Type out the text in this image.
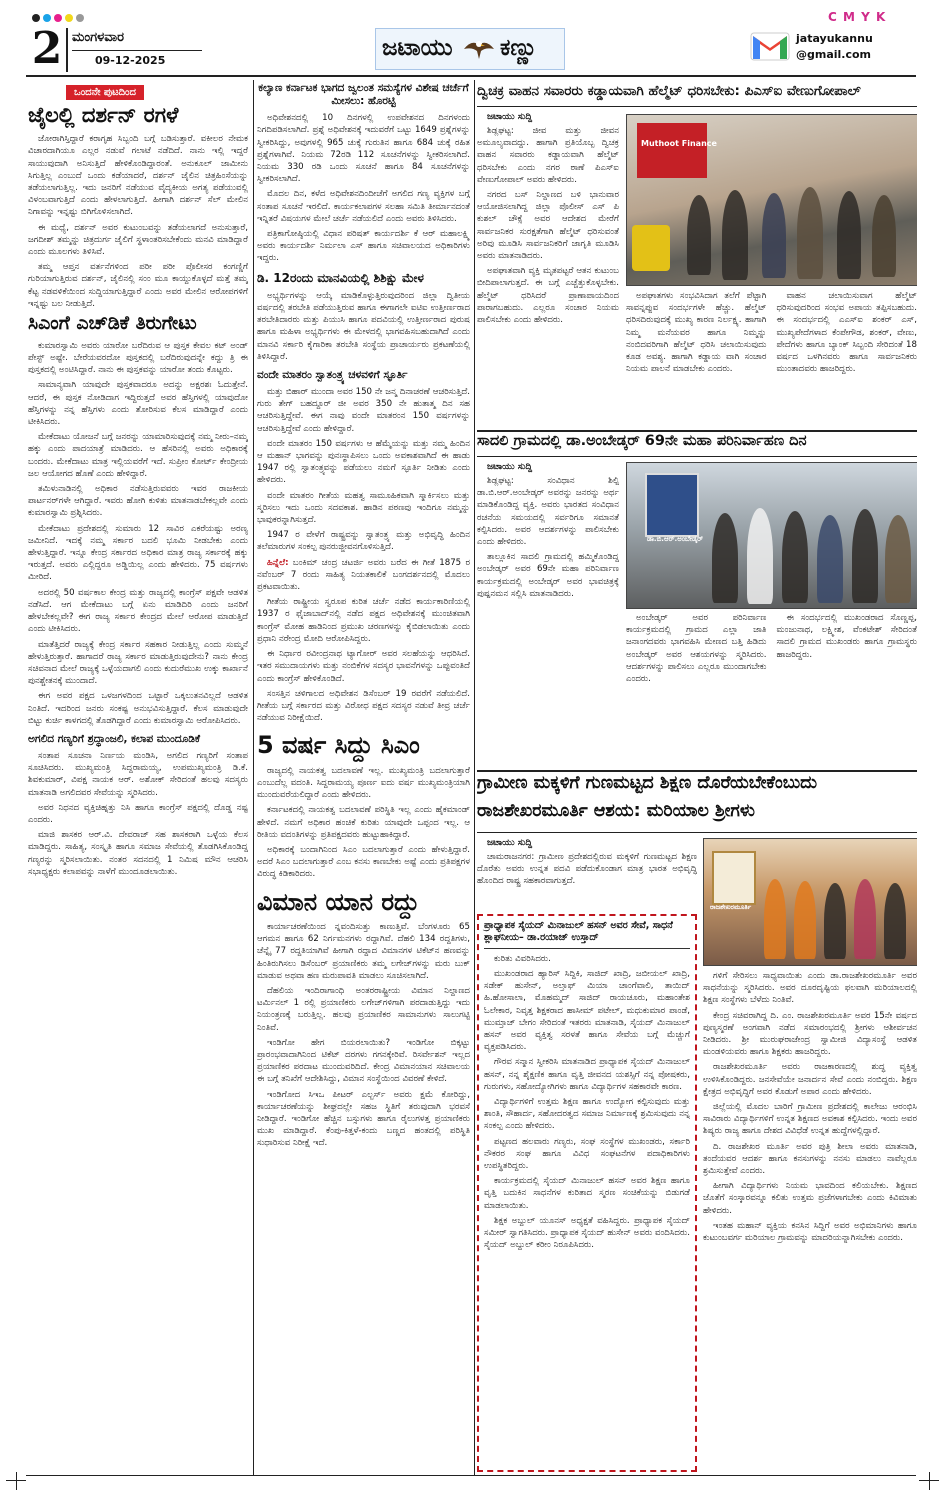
C M Y K
2 ಮಂಗಳವಾರ
09-12-2025	ಜಟಾಯು ಕಣ್ಣು	jatayukannu
@gmail.com
ಒಂದನೇ ಪುಟದಿಂದ
ಜೈಲಲ್ಲಿ ದರ್ಶನ್ ರಗಳೆ

ಜೋರಾಗಿಸ್ತಿದ್ದಾರೆ ಕರಾಗೃಹ ಸಿಬ್ಬಂದಿ ಬಗ್ಗೆ ಬಡಿಸುತ್ತಾರೆ. ವಕೀಲರ ನೇಮಕ ವಿಚಾರದಾಗಿಯೂ ಎಲ್ಲರ ನಡುವೆ ಗಲಾಟೆ ನಡೆದಿದೆ. ನಾನು ಇಲ್ಲಿ ಇದ್ದರೆ ಸಾಯುವುದಾಗಿ ಅನಿಸುತ್ತಿದೆ ಹೇಳಿಕೊಂಡಿದ್ದಾರಂತೆ. ಅನುಕೂಲ್ ಜಾಮೀನು ಸಿಗುತ್ತಿಲ್ಲ ಎಂಬುದೆ ಒಂದು ಕಡೆಯಾದರೆ, ದರ್ಶನ್ ಜೈಲಿನ ಚಿತ್ರಹಿಂಸೆಯನ್ನು ತಡೆಯಲಾಗುತ್ತಿಲ್ಲ. ಇದು ಜನರಿಗೆ ನಡೆಯುವ ವೈದ್ಯಕೀಯ ಅಗತ್ಯ ಪಡೆಯುವಲ್ಲಿ ವಿಳಂಬವಾಗುತ್ತಿದೆ ಎಂದು ಹೇಳಲಾಗುತ್ತಿದೆ. ಹೀಗಾಗಿ ದರ್ಶನ್ ಸೆಲ್ ಮೇಲಿನ ನಿಗಾವನ್ನು ಇನ್ನಷ್ಟು ಬಿಗಿಗೊಳಿಸಲಾಗಿದೆ.

ಈ ಮಧ್ಯೆ, ದರ್ಶನ್ ಅವರ ಕುಟುಂಬವನ್ನು ತಡೆಯಲಾಗದೆ ಅನುಸುತ್ತಾರೆ, ಜಗದೀಶ್ ತಮ್ಮನ್ನು ಚಿತ್ರದುರ್ಗ ಜೈಲಿಗೆ ಸ್ಥಳಾಂತರಿಸಬೇಕೆಂದು ಮನವಿ ಮಾಡಿದ್ದಾರೆ ಎಂದು ಮೂಲಗಳು ತಿಳಿಸಿವೆ.

ತಮ್ಮ ಆಪ್ತನ ವರ್ತನೆಗಳಿಂದ ಪರೀ ಪರೀ ಪೊಲೀಸರ ಕಂಗಣ್ಣಿಗೆ ಗುರಿಯಾಗುತ್ತಿರುವ ದರ್ಶನ್, ಜೈಲಿನಲ್ಲಿ ಸಂಂ ಮೂ ಕಾಯ್ದುಕೊಳ್ಳದೆ ಮತ್ತೆ ತಮ್ಮ ಕೆಟ್ಟ ನಡವಳಿಕೆಯಿಂದ ಸುದ್ದಿಯಾಗುತ್ತಿದ್ದಾರೆ ಎಂದು ಅವರ ಮೇಲಿನ ಆರೋಪಗಳಿಗೆ ಇನ್ನಷ್ಟು ಬಲ ನೀಡುತ್ತಿದೆ.

ಸಿಎಂಗೆ ಎಚ್‌ಡಿಕೆ ತಿರುಗೇಟು

ಕುಮಾರಸ್ವಾಮಿ ಅವರು ಯಾರೋ ಬರೆದಿರುವ ಆ ಪುಸ್ತಕ ಕೇವಲ ಕಟ್ ಅಂಡ್ ಪೇಸ್ಟ್ ಅಷ್ಟೇ. ಬೇರೆಯವರದೋ ಪುಸ್ತಕದಲ್ಲಿ ಬರೆದಿರುವುದನ್ನೇ ಕದ್ದು ತ್ರಿ ಈ ಪುಸ್ತಕದಲ್ಲಿ ಅಂಟಿಸಿದ್ದಾರೆ. ನಾನು ಈ ಪುಸ್ತಕವನ್ನು ಯಾರೋ ತಂದು ಕೊಟ್ಟರು.

ಸಾಮಾನ್ಯವಾಗಿ ಯಾವುದೇ ಪುಸ್ತಕವಾದರೂ ಅದನ್ನು ಅಕ್ಷರಶಃ ಓದುತ್ತೇನೆ. ಆದರೆ, ಈ ಪುಸ್ತಕ ನೋಡಿದಾಗ ಇದ್ದಿರುತ್ತದೆ ಅವರ ಹೆಸ್ತಿಗಳಲ್ಲಿ ಯಾವುದೋ ಹೆಸ್ತಿಗಳನ್ನು ನನ್ನ ಹೆಸ್ತಿಗಳು ಎಂದು ತೋರಿಸುವ ಕೆಲಸ ಮಾಡಿದ್ದಾರೆ ಎಂದು ಟೀಕಿಸಿದರು.

ಮೇಕೆದಾಟು ಯೋಜನೆ ಬಗ್ಗೆ ಜನರನ್ನು ಯಾಮಾರಿಸುವುದಕ್ಕೆ ನಮ್ಮ ನೀರು–ನಮ್ಮ ಹಕ್ಕು ಎಂದು ಪಾದಯಾತ್ರೆ ಮಾಡಿದರು. ಆ ಹೆಸರಿನಲ್ಲಿ ಅವರು ಅಧಿಕಾರಕ್ಕೆ ಬಂದರು. ಮೇಕೆದಾಟು ಮಾತ್ರ ಇಲ್ಲಿಯವರೆಗೆ ಇದೆ. ಸುಪ್ರೀಂ ಕೋರ್ಟ್ ಕೇಂದ್ರೀಯ ಜಲ ಆಯೋಗದ ಹೊಣೆ ಎಂದು ಹೇಳಿದ್ದಾರೆ.

ತಮಿಳುನಾಡಿನಲ್ಲಿ ಅಧಿಕಾರ ನಡೆಸುತ್ತಿರುವವರು ಇವರ ರಾಜಕೀಯ ಪಾರ್ಟನರ್‌ಗಳೇ ಆಗಿದ್ದಾರೆ. ಇವರು ಹೋಗಿ ಕುಳಿತು ಮಾತನಾಡಬೇಕಲ್ಲವೇ ಎಂದು ಕುಮಾರಸ್ವಾಮಿ ಪ್ರಶ್ನಿಸಿದರು.

ಮೇಕೆದಾಟು ಪ್ರದೇಶದಲ್ಲಿ ಸುಮಾರು 12 ಸಾವಿರ ಎಕರೆಯಷ್ಟು ಅರಣ್ಯ ಜಮೀನಿದೆ. ಇದಕ್ಕೆ ನಮ್ಮ ಸರ್ಕಾರ ಬದಲಿ ಭೂಮಿ ನೀಡಬೇಕು ಎಂದು ಹೇಳುತ್ತಿದ್ದಾರೆ. ಇನ್ನೂ ಕೇಂದ್ರ ಸರ್ಕಾರದ ಅಧಿಕಾರ ಮಾತ್ರ ರಾಜ್ಯ ಸರ್ಕಾರಕ್ಕೆ ಹಕ್ಕು ಇರುತ್ತದೆ. ಅವರು ಎಲ್ಲಿದ್ದರೂ ಅಡ್ಡಿಯಿಲ್ಲ ಎಂದು ಹೇಳಿದರು. 75 ವರ್ಷಗಳು ಮೀರಿದೆ.

ಅದರಲ್ಲಿ 50 ವರ್ಷಕಾಲ ಕೇಂದ್ರ ಮತ್ತು ರಾಜ್ಯದಲ್ಲಿ ಕಾಂಗ್ರೆಸ್ ಪಕ್ಷವೇ ಆಡಳಿತ ನಡೆಸಿದೆ. ಆಗ ಮೇಕೆದಾಟು ಬಗ್ಗೆ ಏನು ಮಾಡಿದಿರಿ ಎಂದು ಜನರಿಗೆ ಹೇಳಬೇಕಲ್ಲವೇ? ಈಗ ರಾಜ್ಯ ಸರ್ಕಾರ ಕೇಂದ್ರದ ಮೇಲೆ ಆರೋಪ ಮಾಡುತ್ತಿದೆ ಎಂದು ಟೀಕಿಸಿದರು.

ಮಾತೆತ್ತಿದರೆ ರಾಜ್ಯಕ್ಕೆ ಕೇಂದ್ರ ಸರ್ಕಾರ ಸಹಕಾರ ನೀಡುತ್ತಿಲ್ಲ ಎಂದು ಸುಮ್ಮನೆ ಹೇಳುತ್ತಿರುತ್ತಾರೆ. ಹಾಗಾದರೆ ರಾಜ್ಯ ಸರ್ಕಾರ ಮಾಡುತ್ತಿರುವುದೇನು? ನಾನು ಕೇಂದ್ರ ಸಚಿವನಾದ ಮೇಲೆ ರಾಜ್ಯಕ್ಕೆ ಒಳ್ಳೆಯದಾಗಲಿ ಎಂದು ಕುದುರೆಮುಖ ಉಕ್ಕು ಕಾರ್ಖಾನೆ ಪುನಶ್ಚೇತನಕ್ಕೆ ಮುಂದಾದೆ.

ಈಗ ಅವರ ಪಕ್ಷದ ಒಳಜಗಳದಿಂದ ಒಟ್ಟಾರೆ ಒಕ್ಕಲುತನವಿಲ್ಲದೆ ಆಡಳಿತ ನಿಂತಿದೆ. ಇದರಿಂದ ಜನರು ಸಂಕಷ್ಟ ಅನುಭವಿಸುತ್ತಿದ್ದಾರೆ. ಕೆಲಸ ಮಾಡುವುದೇ ಬಿಟ್ಟು ಕುರ್ಚಿ ಕಾಳಗದಲ್ಲಿ ತೊಡಗಿದ್ದಾರೆ ಎಂದು ಕುಮಾರಸ್ವಾಮಿ ಆರೋಪಿಸಿದರು.

ಅಗಲಿದ ಗಣ್ಯರಿಗೆ ಶ್ರದ್ಧಾಂಜಲಿ, ಕಲಾಪ ಮುಂದೂಡಿಕೆ

ಸಂತಾಪ ಸೂಚನಾ ನಿರ್ಣಯ ಮಂಡಿಸಿ, ಅಗಲಿದ ಗಣ್ಯರಿಗೆ ಸಂತಾಪ ಸೂಚಿಸಿದರು. ಮುಖ್ಯಮಂತ್ರಿ ಸಿದ್ದರಾಮಯ್ಯ, ಉಪಮುಖ್ಯಮಂತ್ರಿ ಡಿ.ಕೆ. ಶಿವಕುಮಾರ್, ವಿಪಕ್ಷ ನಾಯಕ ಆರ್. ಅಶೋಕ್ ಸೇರಿದಂತೆ ಹಲವು ಸದಸ್ಯರು ಮಾತನಾಡಿ ಅಗಲಿದವರ ಸೇವೆಯನ್ನು ಸ್ಮರಿಸಿದರು.

ಅವರ ನಿಧನದ ವ್ಯಕ್ತಿಚಿಹ್ನತ್ತು ನಿಸಿ ಹಾಗೂ ಕಾಂಗ್ರೆಸ್ ಪಕ್ಷದಲ್ಲಿ ದೊಡ್ಡ ನಷ್ಟ ಎಂದರು.

ಮಾಜಿ ಶಾಸಕರ ಆರ್.ವಿ. ದೇವರಾಜ್ ಸಹ ಶಾಸಕರಾಗಿ ಒಳ್ಳೆಯ ಕೆಲಸ ಮಾಡಿದ್ದರು. ಸಾಹಿತ್ಯ, ಸಂಸ್ಕೃತಿ ಹಾಗೂ ಸಮಾಜ ಸೇವೆಯಲ್ಲಿ ತೊಡಗಿಸಿಕೊಂಡಿದ್ದ ಗಣ್ಯರನ್ನು ಸ್ಮರಿಸಲಾಯಿತು. ನಂತರ ಸದನದಲ್ಲಿ 1 ನಿಮಿಷ ಮೌನ ಆಚರಿಸಿ ಸಭಾಧ್ಯಕ್ಷರು ಕಲಾಪವನ್ನು ನಾಳೆಗೆ ಮುಂದೂಡಲಾಯಿತು.

ಕಲ್ಯಾಣ ಕರ್ನಾಟಕ ಭಾಗದ ಜ್ವಲಂತ ಸಮಸ್ಯೆಗಳ ವಿಶೇಷ ಚರ್ಚೆಗೆ ಮೀಸಲು: ಹೊರಟ್ಟಿ

ಅಧಿವೇಶನದಲ್ಲಿ 10 ದಿನಗಳಲ್ಲಿ ಉಪವೇಶನದ ದಿನಗಳಂದು ನಿಗದಿಪಡಿಸಲಾಗಿದೆ. ಪ್ರಶ್ನೆ ಅಧಿವೇಶನಕ್ಕೆ ಇದುವರೆಗೆ ಒಟ್ಟು 1649 ಪ್ರಶ್ನೆಗಳನ್ನು ಸ್ವೀಕರಿಸಿದ್ದು, ಅವುಗಳಲ್ಲಿ 965 ಚುಕ್ಕೆ ಗುರುತಿನ ಹಾಗೂ 684 ಚುಕ್ಕೆ ರಹಿತ ಪ್ರಶ್ನೆಗಳಾಗಿವೆ. ನಿಯಮ 72ರಡಿ 112 ಸೂಚನೆಗಳನ್ನು ಸ್ವೀಕರಿಸಲಾಗಿದೆ. ನಿಯಮ 330 ರಡಿ ಒಂದು ಸೂಚನೆ ಹಾಗೂ 84 ಸೂಚನೆಗಳನ್ನು ಸ್ವೀಕರಿಸಲಾಗಿದೆ.

ಮೊದಲ ದಿನ, ಕಳೆದ ಅಧಿವೇಶನದಿಂದೀಚೆಗೆ ಅಗಲಿದ ಗಣ್ಯ ವ್ಯಕ್ತಿಗಳ ಬಗ್ಗೆ ಸಂತಾಪ ಸೂಚನೆ ಇರಲಿದೆ. ಕಾರ್ಯಕಲಾಪಗಳ ಸಲಹಾ ಸಮಿತಿ ತೀರ್ಮಾನದಂತೆ ಇನ್ನಿತರೆ ವಿಷಯಗಳ ಮೇಲೆ ಚರ್ಚೆ ನಡೆಯಲಿದೆ ಎಂದು ಅವರು ತಿಳಿಸಿದರು.

ಪತ್ರಿಕಾಗೋಷ್ಠಿಯಲ್ಲಿ ವಿಧಾನ ಪರಿಷತ್ ಕಾರ್ಯದರ್ಶಿ ಕೆ ಆರ್ ಮಹಾಲಕ್ಷ್ಮಿ ಅವರು ಕಾರ್ಯದರ್ಶಿ ನಿರ್ಮಲಾ ಎಸ್ ಹಾಗೂ ಸಚಿವಾಲಯದ ಅಧಿಕಾರಿಗಳು ಇದ್ದರು.

ಡಿ. 12ರಂದು ಮಾನವಿಯಲ್ಲಿ ಶಿಶಿಕ್ಷು ಮೇಳ

ಅಭ್ಯರ್ಥಿಗಳನ್ನು ಆಯ್ಕೆ ಮಾಡಿಕೊಳ್ಳುತ್ತಿರುವುದರಿಂದ ಜಿಲ್ಲಾ ದ್ವಿತೀಯ ವರ್ಷದಲ್ಲಿ ತರಬೇತಿ ಪಡೆಯುತ್ತಿರುವ ಹಾಗೂ ಈಗಾಗಲೇ ಐಟಿಐ ಉತ್ತೀರ್ಣರಾದ ತರಬೇತಿದಾರರು ಮತ್ತು ಪಿಯುಸಿ ಹಾಗೂ ಪದವಿಯಲ್ಲಿ ಉತ್ತೀರ್ಣರಾದ ಪುರುಷ ಹಾಗೂ ಮಹಿಳಾ ಅಭ್ಯರ್ಥಿಗಳು ಈ ಮೇಳದಲ್ಲಿ ಭಾಗವಹಿಸಬಹುದಾಗಿದೆ ಎಂದು ಮಾನವಿ ಸರ್ಕಾರಿ ಕೈಗಾರಿಕಾ ತರಬೇತಿ ಸಂಸ್ಥೆಯ ಪ್ರಾಚಾರ್ಯರು ಪ್ರಕಟಣೆಯಲ್ಲಿ ತಿಳಿಸಿದ್ದಾರೆ.

ವಂದೇ ಮಾತರಂ ಸ್ವಾತಂತ್ರ್ಯ ಚಳವಳಿಗೆ ಸ್ಫೂರ್ತಿ

ಮತ್ತು ಬಿಹಾರ್ ಮುಂದಾ ಅವರ 150 ನೇ ಜನ್ಮ ದಿನಾಚರಣೆ ಆಚರಿಸುತ್ತಿದೆ. ಗುರು ತೇಗ್ ಬಹದ್ದೂರ್ ಜೀ ಅವರ 350 ನೇ ಹುತಾತ್ಮ ದಿನ ಸಹ ಆಚರಿಸುತ್ತಿದ್ದೇವೆ. ಈಗ ನಾವು ವಂದೇ ಮಾತರಂನ 150 ವರ್ಷಗಳನ್ನು ಆಚರಿಸುತ್ತಿದ್ದೇವೆ ಎಂದು ಹೇಳಿದ್ದಾರೆ.

ವಂದೇ ಮಾತರಂ 150 ವರ್ಷಗಳು ಆ ಹೆಮ್ಮೆಯನ್ನು ಮತ್ತು ನಮ್ಮ ಹಿಂದಿನ ಆ ಮಹಾನ್ ಭಾಗವನ್ನು ಪುನಃಸ್ಥಾಪಿಸಲು ಒಂದು ಅವಕಾಶವಾಗಿದೆ ಈ ಹಾಡು 1947 ರಲ್ಲಿ ಸ್ವಾತಂತ್ರ್ಯವನ್ನು ಪಡೆಯಲು ನಮಗೆ ಸ್ಫೂರ್ತಿ ನೀಡಿತು ಎಂದು ಹೇಳಿದರು.

ವಂದೇ ಮಾತರಂ ಗೀತೆಯ ಮಹತ್ವ ಸಾಮೂಹಿಕವಾಗಿ ಸ್ಮಾರ್ಕಿಸಲು ಮತ್ತು ಸ್ಮರಿಸಲು ಇದು ಒಂದು ಸದವಕಾಶ. ಹಾಡಿನ ಪಠಣವು ಇಂದಿಗೂ ನಮ್ಮನ್ನು ಭಾವುಕರನ್ನಾಗಿಸುತ್ತದೆ.

1947 ರ ವೇಳೆಗೆ ರಾಷ್ಟ್ರವನ್ನು ಸ್ವಾತಂತ್ರ್ಯ ಮತ್ತು ಅಭಿವೃದ್ಧಿ ಹಿಂದಿನ ತಲೆಮಾರುಗಳ ಸಂಕಲ್ಪ ಪುನರುಜ್ಜೀವನಗೊಳಿಸುತ್ತಿದೆ.

ಹಿನ್ನೆಲೆ: ಬಂಕಿಮ್ ಚಂದ್ರ ಚಟರ್ಜಿ ಅವರು ಬರೆದ ಈ ಗೀತೆ 1875 ರ ನವೆಂಬರ್ 7 ರಂದು ಸಾಹಿತ್ಯ ನಿಯತಕಾಲಿಕೆ ಬಂಗದರ್ಶನದಲ್ಲಿ ಮೊದಲು ಪ್ರಕಟವಾಯಿತು.

ಗೀತೆಯ ರಾಷ್ಟ್ರೀಯ ಸ್ವರೂಪ ಕುರಿತ ಚರ್ಚೆ ನಡೆದ ಕಾರ್ಯಕಾರಿಣಿಯಲ್ಲಿ 1937 ರ ಫೈಜಾಬಾದ್‌ನಲ್ಲಿ ನಡೆದ ಪಕ್ಷದ ಅಧಿವೇಶನಕ್ಕೆ ಮುಂಚಿತವಾಗಿ ಕಾಂಗ್ರೆಸ್ ಮೋಹ ಹಾಡಿನಿಂದ ಪ್ರಮುಖ ಚರಣಗಳನ್ನು ಕೈಬಿಡಲಾಯಿತು ಎಂದು ಪ್ರಧಾನಿ ನರೇಂದ್ರ ಮೋದಿ ಆರೋಪಿಸಿದ್ದರು.

ಈ ನಿರ್ಧಾರ ರವೀಂದ್ರನಾಥ ಟ್ಯಾಗೋರ್ ಅವರ ಸಲಹೆಯನ್ನು ಆಧರಿಸಿದೆ. ಇತರ ಸಮುದಾಯಗಳು ಮತ್ತು ನಂಬಿಕೆಗಳ ಸದಸ್ಯರ ಭಾವನೆಗಳನ್ನು ಒಪ್ಪುವಂತಿದೆ ಎಂದು ಕಾಂಗ್ರೆಸ್ ಹೇಳಿಕೊಂಡಿದೆ.

ಸಂಸತ್ತಿನ ಚಳಿಗಾಲದ ಅಧಿವೇಶನ ಡಿಸೆಂಬರ್ 19 ರವರೆಗೆ ನಡೆಯಲಿದೆ. ಗೀತೆಯ ಬಗ್ಗೆ ಸರ್ಕಾರದ ಮತ್ತು ವಿರೋಧ ಪಕ್ಷದ ಸದಸ್ಯರ ನಡುವೆ ತೀವ್ರ ಚರ್ಚೆ ನಡೆಯುವ ನಿರೀಕ್ಷೆಯಿದೆ.

5 ವರ್ಷ ಸಿದ್ದು ಸಿಎಂ

ರಾಜ್ಯದಲ್ಲಿ ನಾಯಕತ್ವ ಬದಲಾವಣೆ ಇಲ್ಲ. ಮುಖ್ಯಮಂತ್ರಿ ಬದಲಾಗುತ್ತಾರೆ ಎಂಬುದೆಲ್ಲ ವದಂತಿ. ಸಿದ್ದರಾಮಯ್ಯ ಪೂರ್ಣ ಐದು ವರ್ಷ ಮುಖ್ಯಮಂತ್ರಿಯಾಗಿ ಮುಂದುವರೆಯಲಿದ್ದಾರೆ ಎಂದು ಹೇಳಿದರು.

ಕರ್ನಾಟಕದಲ್ಲಿ ನಾಯಕತ್ವ ಬದಲಾವಣೆ ಪರಿಸ್ಥಿತಿ ಇಲ್ಲ ಎಂದು ಹೈಕಮಾಂಡ್ ಹೇಳಿದೆ. ನಮಗೆ ಅಧಿಕಾರ ಹಂಚಿಕೆ ಕುರಿತು ಯಾವುದೇ ಒಪ್ಪಂದ ಇಲ್ಲ. ಆ ರೀತಿಯ ವದಂತಿಗಳನ್ನು ಪ್ರತಿಪಕ್ಷದವರು ಹುಟ್ಟುಹಾಕಿದ್ದಾರೆ.

ಅಧಿಕಾರಕ್ಕೆ ಬಂದಾಗಿನಿಂದ ಸಿಎಂ ಬದಲಾಗುತ್ತಾರೆ ಎಂದು ಹೇಳುತ್ತಿದ್ದಾರೆ. ಅದರೆ ಸಿಎಂ ಬದಲಾಗುತ್ತಾರೆ ಎಂಬ ಕನಸು ಕಾಣಬೇಕು ಅಷ್ಟೆ ಎಂದು ಪ್ರತಿಪಕ್ಷಗಳ ವಿರುದ್ಧ ಕಿಡಿಕಾರಿದರು.

ವಿಮಾನ ಯಾನ ರದ್ದು

ಕಾರ್ಯಾಚರಣೆಯಿಂದ ನ್ನವಂದಿಸುತ್ತು ಕಾಣುತ್ತಿವೆ. ಬೆಂಗಳೂರು 65 ಆಗಮನ ಹಾಗೂ 62 ನಿರ್ಗಮನಗಳು ರದ್ದಾಗಿವೆ. ದೆಹಲಿ 134 ರದ್ದತಿಗಳು, ಚೆನ್ನೈ 77 ರದ್ದತಿಯಾಗಿವೆ ಹೀಗಾಗಿ ರದ್ದಾದ ವಿಮಾನಗಳ ಟಿಕೆಟ್‌ನ ಹಣವನ್ನು ಹಿಂತಿರುಗಿಸಲು ಡಿಸೆಂಬರ್ ಪ್ರಯಾಣಿಕರು ತಮ್ಮ ಲಗೇಜ್‌ಗಳನ್ನು ಮರು ಬುಕ್ ಮಾಡುವ ಅಥವಾ ಹಣ ಮರುಪಾವತಿ ಮಾಡಲು ಸೂಚಿಸಲಾಗಿದೆ.

ದೆಹಲಿಯ ಇಂದಿರಾಗಾಂಧಿ ಅಂತರರಾಷ್ಟ್ರೀಯ ವಿಮಾನ ನಿಲ್ದಾಣದ ಟರ್ಮಿನಲ್ 1 ರಲ್ಲಿ ಪ್ರಯಾಣಿಕರು ಲಗೇಜ್‌ಗಳಿಗಾಗಿ ಪರದಾಡುತ್ತಿದ್ದು ಇದು ನಿಯಂತ್ರಣಕ್ಕೆ ಬರುತ್ತಿಲ್ಲ. ಹಲವು ಪ್ರಯಾಣಿಕರ ಸಾಮಾನುಗಳು ಸಾಲುಗಟ್ಟಿ ನಿಂತಿವೆ.

ಇಂಡಿಗೋ ಹೇಗ ಬಿಯರಲಾಯಿತು? ಇಂಡಿಗೋ ಬಿಕ್ಕಟ್ಟು ಪ್ರಾರಂಭವಾದಾಗಿನಿಂದ ಟಿಕೆಟ್ ದರಗಳು ಗಗನಕ್ಕೇರಿವೆ. ರಿಸರ್ವೇಶನ್ ಇಲ್ಲದ ಪ್ರಯಾಣಿಕರ ಪರದಾಟ ಮುಂದುವರಿದಿದೆ. ಕೇಂದ್ರ ವಿಮಾನಯಾನ ಸಚಿವಾಲಯ ಈ ಬಗ್ಗೆ ತನಿಖೆಗೆ ಆದೇಶಿಸಿದ್ದು, ವಿಮಾನ ಸಂಸ್ಥೆಯಿಂದ ವಿವರಣೆ ಕೇಳಿದೆ.

ಇಂಡಿಗೋದ ಸಿಇಒ ಪೀಟರ್ ಎಲ್ಬರ್ಸ್ ಅವರು ಕ್ಷಮೆ ಕೋರಿದ್ದು, ಕಾರ್ಯಾಚರಣೆಯನ್ನು ಶೀಘ್ರದಲ್ಲೇ ಸಹಜ ಸ್ಥಿತಿಗೆ ತರುವುದಾಗಿ ಭರವಸೆ ನೀಡಿದ್ದಾರೆ. ಇಂಡಿಗೋ ಹೆಚ್ಚಿನ ಬಸ್ಸುಗಳು ಹಾಗೂ ರೈಲುಗಳತ್ತ ಪ್ರಯಾಣಿಕರು ಮುಖ ಮಾಡಿದ್ದಾರೆ. ಕೆಂಪು-ಕಿತ್ತಳೆ-ಕಂದು ಬಣ್ಣದ ಹಂತದಲ್ಲಿ ಪರಿಸ್ಥಿತಿ ಸುಧಾರಿಸುವ ನಿರೀಕ್ಷೆ ಇದೆ.

ದ್ವಿಚಕ್ರ ವಾಹನ ಸವಾರರು ಕಡ್ಡಾಯವಾಗಿ ಹೆಲ್ಮೆಟ್ ಧರಿಸಬೇಕು: ಪಿಎಸ್‌ಐ ವೇಣುಗೋಪಾಲ್
ಜಟಾಯು ಸುದ್ದಿ

ಶಿಡ್ಲಘಟ್ಟ: ಜೀವ ಮತ್ತು ಜೀವನ ಅಮೂಲ್ಯವಾದದ್ದು. ಹಾಗಾಗಿ ಪ್ರತಿಯೊಬ್ಬ ದ್ವಿಚಕ್ರ ವಾಹನ ಸವಾರರು ಕಡ್ಡಾಯವಾಗಿ ಹೆಲ್ಮೆಟ್ ಧರಿಸಬೇಕು ಎಂದು ನಗರ ಠಾಣೆ ಪಿಎಸ್‌ಐ ವೇಣುಗೋಪಾಲ್ ಅವರು ಹೇಳಿದರು.

ನಗರದ ಬಸ್ ನಿಲ್ದಾಣದ ಬಳಿ ಭಾನುವಾರ ಆಯೋಜಿಸಲಾಗಿದ್ದ ಜಿಲ್ಲಾ ಪೊಲೀಸ್ ಎಸ್ ಪಿ ಕುಶಲ್ ಚೌಕ್ಸೆ ಅವರ ಆದೇಶದ ಮೇರೆಗೆ ಸಾರ್ವಜನಿಕರ ಸುರಕ್ಷತೆಗಾಗಿ ಹೆಲ್ಮೆಟ್ ಧರಿಸುವಂತೆ ಅರಿವು ಮೂಡಿಸಿ ಸಾರ್ವಜನಿಕರಿಗೆ ಜಾಗೃತಿ ಮೂಡಿಸಿ ಅವರು ಮಾತನಾಡಿದರು.

ಅಪಘಾತವಾಗಿ ವ್ಯಕ್ತಿ ಮೃತಪಟ್ಟರೆ ಆತನ ಕುಟುಂಬ ಬೀದಿಪಾಲಾಗುತ್ತದೆ. ಈ ಬಗ್ಗೆ ಎಚ್ಚೆತ್ತುಕೊಳ್ಳಬೇಕು. ಹೆಲ್ಮೆಟ್ ಧರಿಸಿದರೆ ಪ್ರಾಣಾಪಾಯದಿಂದ ಪಾರಾಗಬಹುದು. ಎಲ್ಲರೂ ಸಂಚಾರ ನಿಯಮ ಪಾಲಿಸಬೇಕು ಎಂದು ಹೇಳಿದರು.

Muthoot Finance

ಅಪಘಾತಗಳು ಸಂಭವಿಸಿದಾಗ ತಲೆಗೆ ಪೆಟ್ಟಾಗಿ ಸಾವನ್ನಪ್ಪುವ ಸಂದರ್ಭಗಳೇ ಹೆಚ್ಚು. ಹೆಲ್ಮೆಟ್ ಧರಿಸದಿರುವುದಕ್ಕೆ ಮುಖ್ಯ ಕಾರಣ ನಿರ್ಲಕ್ಷ್ಯ. ಹಾಗಾಗಿ ನಿಮ್ಮ ಮನೆಯವರ ಹಾಗೂ ನಿಮ್ಮನ್ನು ನಂಬಿದವರಿಗಾಗಿ ಹೆಲ್ಮೆಟ್ ಧರಿಸಿ ಚಲಾಯಿಸುವುದು ಕೂಡ ಅವಶ್ಯ. ಹಾಗಾಗಿ ಕಡ್ಡಾಯ ವಾಗಿ ಸಂಚಾರ ನಿಯಮ ಪಾಲನೆ ಮಾಡಬೇಕು ಎಂದರು.

ವಾಹನ ಚಲಾಯಿಸುವಾಗ ಹೆಲ್ಮೆಟ್ ಧರಿಸುವುದರಿಂದ ಸಂಭವ ಅಪಾಯ ತಪ್ಪಿಸಬಹುದು. ಈ ಸಂದರ್ಭದಲ್ಲಿ ಎಎಸ್‌ಐ ಶಂಕರ್ ಎಸ್, ಮುಖ್ಯಪೇದೆಗಳಾದ ಕೆಂಪೇಗೌಡ, ಶಂಕರ್, ವೇಣು, ಪೇದೆಗಳು ಹಾಗೂ ಬ್ಯಾಂಕ್ ಸಿಬ್ಬಂದಿ ಸೇರಿದಂತೆ 18 ವರ್ಷದ ಒಳಗಿನವರು ಹಾಗೂ ಸಾರ್ವಜನಿಕರು ಮುಂತಾದವರು ಹಾಜರಿದ್ದರು.

ಸಾದಲಿ ಗ್ರಾಮದಲ್ಲಿ ಡಾ.ಅಂಬೇಡ್ಕರ್ 69ನೇ ಮಹಾ ಪರಿನಿರ್ವಾಹಣ ದಿನ
ಜಟಾಯು ಸುದ್ದಿ

ಶಿಡ್ಲಘಟ್ಟ: ಸಂವಿಧಾನ ಶಿಲ್ಪಿ ಡಾ.ಬಿ.ಆರ್.ಅಂಬೇಡ್ಕರ್ ಅವರನ್ನು ಜನರನ್ನು ಅರ್ಥ ಮಾಡಿಕೊಂಡಿದ್ದ ವ್ಯಕ್ತಿ. ಅವರು ಭಾರತದ ಸಂವಿಧಾನ ರಚನೆಯ ಸಮಯದಲ್ಲಿ ಸರ್ವರಿಗೂ ಸಮಾನತೆ ಕಲ್ಪಿಸಿದರು. ಅವರ ಆದರ್ಶಗಳನ್ನು ಪಾಲಿಸಬೇಕು ಎಂದು ಹೇಳಿದರು.

ತಾಲ್ಲೂಕಿನ ಸಾದಲಿ ಗ್ರಾಮದಲ್ಲಿ ಹಮ್ಮಿಕೊಂಡಿದ್ದ ಅಂಬೇಡ್ಕರ್ ಅವರ 69ನೇ ಮಹಾ ಪರಿನಿರ್ವಾಣ ಕಾರ್ಯಕ್ರಮದಲ್ಲಿ ಅಂಬೇಡ್ಕರ್ ಅವರ ಭಾವಚಿತ್ರಕ್ಕೆ ಪುಷ್ಪನಮನ ಸಲ್ಲಿಸಿ ಮಾತನಾಡಿದರು.

ಡಾ.ಬಿ.ಆರ್.ಅಂಬೇಡ್ಕರ್

ಅಂಬೇಡ್ಕರ್ ಅವರ ಪರಿನಿರ್ವಾಣ ಕಾರ್ಯಕ್ರಮದಲ್ಲಿ ಗ್ರಾಮದ ಎಲ್ಲಾ ಜಾತಿ ಜನಾಂಗದವರು ಭಾಗವಹಿಸಿ ಮೇಣದ ಬತ್ತಿ ಹಿಡಿದು ಅಂಬೇಡ್ಕರ್ ಅವರ ಆಶಯಗಳನ್ನು ಸ್ಮರಿಸಿದರು. ಆದರ್ಶಗಳನ್ನು ಪಾಲಿಸಲು ಎಲ್ಲರೂ ಮುಂದಾಗಬೇಕು ಎಂದರು.

ಈ ಸಂದರ್ಭದಲ್ಲಿ ಮುಖಂಡರಾದ ಸೊಣ್ಣಪ್ಪ, ಮಂಜುನಾಥ, ಲಕ್ಷ್ಮೀಶ, ವೆಂಕಟೇಶ್ ಸೇರಿದಂತೆ ಸಾದಲಿ ಗ್ರಾಮದ ಮುಖಂಡರು ಹಾಗೂ ಗ್ರಾಮಸ್ಥರು ಹಾಜರಿದ್ದರು.

ಗ್ರಾಮೀಣ ಮಕ್ಕಳಿಗೆ ಗುಣಮಟ್ಟದ ಶಿಕ್ಷಣ ದೊರೆಯಬೇಕೆಂಬುದು
ರಾಜಶೇಖರಮೂರ್ತಿ ಆಶಯ: ಮರಿಯಾಲ ಶ್ರೀಗಳು
ಜಟಾಯು ಸುದ್ದಿ

ಚಾಮರಾಜನಗರ: ಗ್ರಾಮೀಣ ಪ್ರದೇಶದಲ್ಲಿರುವ ಮಕ್ಕಳಿಗೆ ಗುಣಮಟ್ಟದ ಶಿಕ್ಷಣ ದೊರೆತು ಅವರು ಉನ್ನತ ಪದವಿ ಪಡೆದುಕೊಂಡಾಗ ಮಾತ್ರ ಭಾರತ ಅಭಿವೃದ್ಧಿ ಹೊಂದಿದ ರಾಷ್ಟ್ರ ಸಹಕಾರವಾಗುತ್ತದೆ.

ರಾಜಶೇಖರಮೂರ್ತಿ
ಪ್ರಾಧ್ಯಾಪಕ ಸೈಯದ್ ಮಿನಾಜುಲ್ ಹಸನ್ ಅವರ ಸೇವೆ, ಸಾಧನೆ ಶ್ಲಾಘನೀಯ– ಡಾ.ರಯಾಜ್ ಉಸ್ತಾದ್

ಕುರಿತು ವಿವರಿಸಿದರು.

ಮುಖಂಡರಾದ ಹ್ಯಾರಿಸ್ ಸಿದ್ದಿಕಿ, ಸಾಜಿದ್ ಖಾದ್ರಿ, ಜಬೀಯಲ್ ಖಾದ್ರಿ, ಸಡೇಕ್ ಹುಸೇನ್, ಅಲ್ತಾಫ್ ಮಿಯಾ ಚಾಂಗೆವಾಲಿ, ತಾಯಿದ್ ಹಿ.ಹೋಸಾಲಾ, ಮೊಹಮ್ಮದ್ ಸಾಜಿದ್ ರಾಯಚೂರು, ಮಹಾಂತೇಶ ಓಲೇಕಾರ, ನಿವೃತ್ತ ಶಿಕ್ಷಕರಾದ ಹಾಸೀಮ್ ಪಟೇಲ್, ಮಧುಕುಮಾರ ಪಾಂಡೆ, ಮುಮ್ತಾಜ್ ಬೇಗಂ ಸೇರಿದಂತೆ ಇತರರು ಮಾತನಾಡಿ, ಸೈಯದ್ ಮಿನಾಜುಲ್ ಹಸನ್ ಅವರ ವ್ಯಕ್ತಿತ್ವ ಸರಳತೆ ಹಾಗೂ ಸೇವೆಯ ಬಗ್ಗೆ ಮೆಚ್ಚುಗೆ ವ್ಯಕ್ತಪಡಿಸಿದರು.

ಗೌರವ ಸನ್ಮಾನ ಸ್ವೀಕರಿಸಿ ಮಾತನಾಡಿದ ಪ್ರಾಧ್ಯಾಪಕ ಸೈಯದ್ ಮಿನಾಜುಲ್ ಹಸನ್, ನನ್ನ ಶೈಕ್ಷಣಿಕ ಹಾಗೂ ವೃತ್ತಿ ಜೀವನದ ಯಶಸ್ಸಿಗೆ ನನ್ನ ಪೋಷಕರು, ಗುರುಗಳು, ಸಹೋದ್ಯೋಗಿಗಳು ಹಾಗೂ ವಿದ್ಯಾರ್ಥಿಗಳ ಸಹಕಾರವೇ ಕಾರಣ.

ವಿದ್ಯಾರ್ಥಿಗಳಿಗೆ ಉತ್ತಮ ಶಿಕ್ಷಣ ಹಾಗೂ ಉದ್ಯೋಗ ಕಲ್ಪಿಸುವುದು ಮತ್ತು ಶಾಂತಿ, ಸೌಹಾರ್ದ, ಸಹೋದರತ್ವದ ಸಮಾಜ ನಿರ್ಮಾಣಕ್ಕೆ ಶ್ರಮಿಸುವುದು ನನ್ನ ಸಂಕಲ್ಪ ಎಂದು ಹೇಳಿದರು.

ಪಟ್ಟಣದ ಹಲವಾರು ಗಣ್ಯರು, ಸಂಘ ಸಂಸ್ಥೆಗಳ ಮುಖಂಡರು, ಸರ್ಕಾರಿ ನೌಕರರ ಸಂಘ ಹಾಗೂ ವಿವಿಧ ಸಂಘಟನೆಗಳ ಪದಾಧಿಕಾರಿಗಳು ಉಪಸ್ಥಿತರಿದ್ದರು.

ಕಾರ್ಯಕ್ರಮದಲ್ಲಿ ಸೈಯದ್ ಮಿನಾಜುಲ್ ಹಸನ್ ಅವರ ಶಿಕ್ಷಣ ಹಾಗೂ ವೃತ್ತಿ ಬದುಕಿನ ಸಾಧನೆಗಳ ಕುರಿತಾದ ಸ್ಮರಣ ಸಂಚಿಕೆಯನ್ನು ಬಿಡುಗಡೆ ಮಾಡಲಾಯಿತು.

ಶಿಕ್ಷಕ ಅಬ್ದುಲ್ ಯೂನಸ್ ಅಧ್ಯಕ್ಷತೆ ವಹಿಸಿದ್ದರು. ಪ್ರಾಧ್ಯಾಪಕ ಸೈಯದ್ ಸಮೀರ್ ಸ್ವಾಗತಿಸಿದರು. ಪ್ರಾಧ್ಯಾಪಕ ಸೈಯದ್ ಹುಸೇನ್ ಅವರು ವಂದಿಸಿದರು. ಸೈಯದ್ ಅಬ್ದುಲ್ ಕರೀಂ ನಿರೂಪಿಸಿದರು.

ಗಳಿಗೆ ಸೇರಿಸಲು ಸಾಧ್ಯವಾಯಿತು ಎಂದು ಡಾ.ರಾಜಶೇಖರಮೂರ್ತಿ ಅವರ ಸಾಧನೆಯನ್ನು ಸ್ಮರಿಸಿದರು. ಅವರ ದೂರದೃಷ್ಟಿಯ ಫಲವಾಗಿ ಮರಿಯಾಲದಲ್ಲಿ ಶಿಕ್ಷಣ ಸಂಸ್ಥೆಗಳು ಬೆಳೆದು ನಿಂತಿವೆ.

ಕೇಂದ್ರ ಸಚಿವರಾಗಿದ್ದ ದಿ. ಎಂ. ರಾಜಶೇಖರಮೂರ್ತಿ ಅವರ 15ನೇ ವರ್ಷದ ಪುಣ್ಯಸ್ಮರಣೆ ಅಂಗವಾಗಿ ನಡೆದ ಸಮಾರಂಭದಲ್ಲಿ ಶ್ರೀಗಳು ಆಶೀರ್ವಚನ ನೀಡಿದರು. ಶ್ರೀ ಮುರುಘರಾಜೇಂದ್ರ ಸ್ವಾಮೀಜಿ ವಿದ್ಯಾಸಂಸ್ಥೆ ಆಡಳಿತ ಮಂಡಳಿಯವರು ಹಾಗೂ ಶಿಕ್ಷಕರು ಹಾಜರಿದ್ದರು.

ರಾಜಶೇಖರಮೂರ್ತಿ ಅವರು ರಾಜಕಾರಣದಲ್ಲಿ ಶುದ್ಧ ವ್ಯಕ್ತಿತ್ವ ಉಳಿಸಿಕೊಂಡಿದ್ದರು. ಜನಸೇವೆಯೇ ಜನಾರ್ದನ ಸೇವೆ ಎಂದು ನಂಬಿದ್ದರು. ಶಿಕ್ಷಣ ಕ್ಷೇತ್ರದ ಅಭಿವೃದ್ಧಿಗೆ ಅವರ ಕೊಡುಗೆ ಅಪಾರ ಎಂದು ಹೇಳಿದರು.

ಜಿಲ್ಲೆಯಲ್ಲಿ ಮೊದಲ ಬಾರಿಗೆ ಗ್ರಾಮೀಣ ಪ್ರದೇಶದಲ್ಲಿ ಕಾಲೇಜು ಆರಂಭಿಸಿ ಸಾವಿರಾರು ವಿದ್ಯಾರ್ಥಿಗಳಿಗೆ ಉನ್ನತ ಶಿಕ್ಷಣದ ಅವಕಾಶ ಕಲ್ಪಿಸಿದರು. ಇಂದು ಅವರ ಶಿಷ್ಯರು ರಾಜ್ಯ ಹಾಗೂ ದೇಶದ ವಿವಿಧೆಡೆ ಉನ್ನತ ಹುದ್ದೆಗಳಲ್ಲಿದ್ದಾರೆ.

ದಿ. ರಾಜಶೇಖರ ಮೂರ್ತಿ ಅವರ ಪುತ್ರಿ ಶೀಲಾ ಅವರು ಮಾತನಾಡಿ, ತಂದೆಯವರ ಆದರ್ಶ ಹಾಗೂ ಕನಸುಗಳನ್ನು ನನಸು ಮಾಡಲು ನಾವೆಲ್ಲರೂ ಶ್ರಮಿಸುತ್ತೇವೆ ಎಂದರು.

ಹೀಗಾಗಿ ವಿದ್ಯಾರ್ಥಿಗಳು ನಿಯಮ ಭಾವದಿಂದ ಕಲಿಯಬೇಕು. ಶಿಕ್ಷಣದ ಜೊತೆಗೆ ಸಂಸ್ಕಾರವನ್ನೂ ಕಲಿತು ಉತ್ತಮ ಪ್ರಜೆಗಳಾಗಬೇಕು ಎಂದು ಕಿವಿಮಾತು ಹೇಳಿದರು.

ಇಂತಹ ಮಹಾನ್ ವ್ಯಕ್ತಿಯ ಕನಸಿನ ಸಿದ್ದಿಗೆ ಅವರ ಅಭಿಮಾನಿಗಳು ಹಾಗೂ ಕುಟುಂಬವರ್ಗ ಮರಿಯಾಲ ಗ್ರಾಮವನ್ನು ಮಾದರಿಯನ್ನಾಗಿಸಬೇಕು ಎಂದರು.
